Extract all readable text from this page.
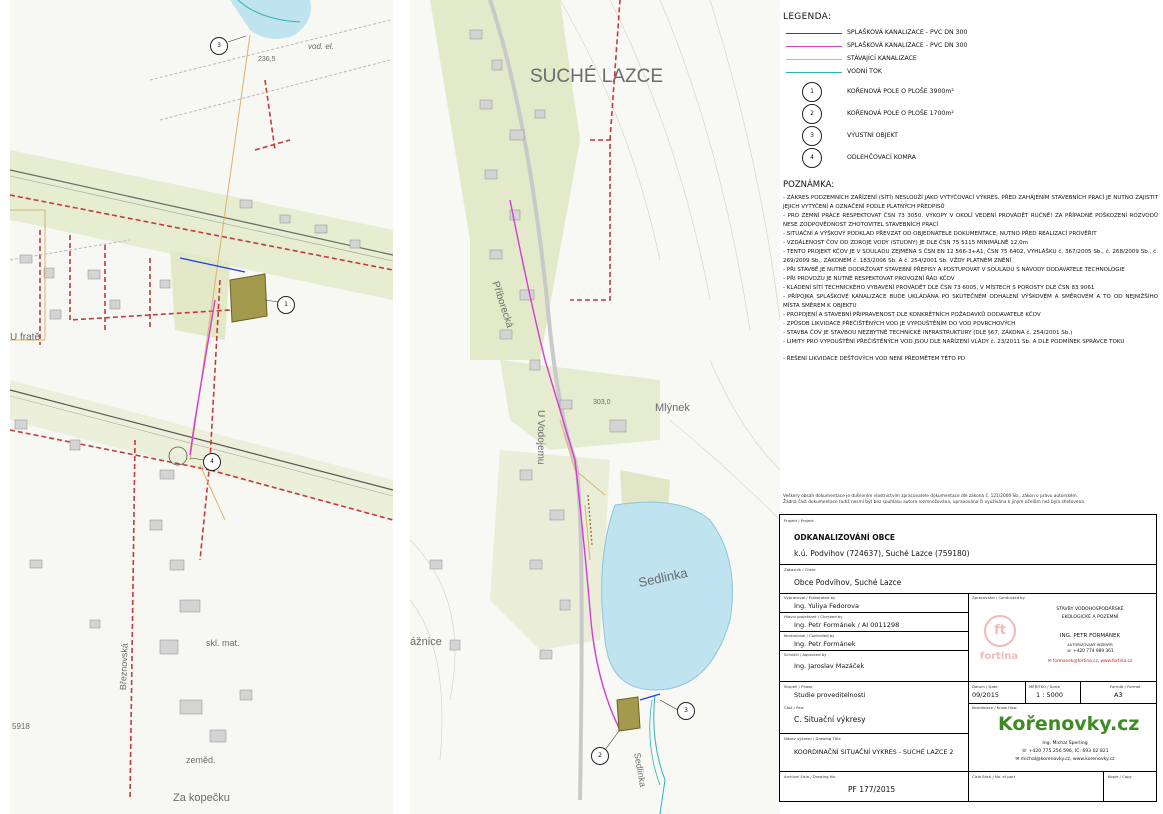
vod. el.
236,5
U fratě
skl. mat.
zeměd.
Za kopečku
Březnovská
5918
3
1
4
SUCHÉ LAZCE
Příborecká
U Vodojemu
303,0	Mlýnek
Sedlinka
ážnice
Sedlinka
3
2
LEGENDA:
SPLAŠKOVÁ KANALIZACE - PVC DN 300
SPLAŠKOVÁ KANALIZACE - PVC DN 300
STÁVAJÍCÍ KANALIZACE
VODNÍ TOK
1	KOŘENOVÁ POLE O PLOŠE 3900m²
2	KOŘENOVÁ POLE O PLOŠE 1700m²
3	VÝUSTNÍ OBJEKT
4	ODLEHČOVACÍ KOMRA
POZNÁMKA:
- ZÁKRES PODZEMNÍCH ZAŘÍZENÍ (SÍTÍ) NESLOUŽÍ JAKO VYTYČOVACÍ VÝKRES. PŘED ZAHÁJENÍM STAVEBNÍCH PRACÍ JE NUTNO ZAJISTIT JEJICH VYTYČENÍ A OZNAČENÍ PODLE PLATNÝCH PŘEDPISŮ
- PRO ZEMNÍ PRÁCE RESPEKTOVAT ČSN 73 3050. VÝKOPY V OKOLÍ VEDENÍ PROVÁDĚT RUČNĚ! ZA PŘÍPADNÉ POŠKOZENÍ ROZVODŮ NESE ZODPOVĚDNOST ZHOTOVITEL STAVEBNÍCH PRACÍ
- SITUAČNÍ A VÝŠKOVÝ PODKLAD PŘEVZAT OD OBJEDNATELE DOKUMENTACE, NUTNO PŘED REALIZACÍ PROVĚŘIT
- VZDÁLENOST ČOV OD ZDROJE VODY (STUDNY) JE DLE ČSN 75 5115 MINIMÁLNĚ 12,0m
- TENTO PROJEKT KČOV JE V SOULADU ZEJMÉNA S ČSN EN 12 566-3+A1, ČSN 75 6402, VYHLÁŠKU č. 367/2005 Sb., č. 268/2009 Sb., č. 269/2009 Sb., ZÁKONEM č. 183/2006 Sb. A č. 254/2001 Sb. VŽDY PLATNÉM ZNĚNÍ
- PŘI STAVBĚ JE NUTNÉ DODRŽOVAT STAVEBNÍ PŘEPISY A POSTUPOVAT V SOULADU S NÁVODY DODAVATELE TECHNOLOGIE
- PŘI PROVOZU JE NUTNÉ RESPEKTOVAT PROVOZNÍ ŘÁD KČOV
- KLADENÍ SÍTÍ TECHNICKÉHO VYBAVENÍ PROVÁDĚT DLE ČSN 73 6005, V MÍSTECH S POROSTY DLE ČSN 83 9061
- PŘÍPOJKA SPLAŠKOVÉ KANALIZACE BUDE UKLÁDÁNA PO SKUTEČNÉM ODHALENÍ VÝŠKOVÉM A SMĚROVÉM A TO OD NEJNIŽŠÍHO MÍSTA SMĚREM K OBJEKTU
- PROPOJENÍ A STAVEBNÍ PŘIPRAVENOST DLE KONKRÉTNÍCH POŽADAVKŮ DODAVATELE KČOV
- ZPŮSOB LIKVIDACE PŘEČIŠTĚNÝCH VOD JE VYPOUŠTĚNÍM DO VOD POVRCHOVÝCH
- STAVBA ČOV JE STAVBOU NEZBYTNÉ TECHNICKÉ INFRASTRUKTURY (DLE §67, ZÁKONA č. 254/2001 Sb.)
- LIMITY PRO VYPOUŠTĚNÍ PŘEČIŠTĚNÝCH VOD JSOU DLE NAŘÍZENÍ VLÁDY č. 23/2011 Sb. A DLE PODMÍNEK SPRÁVCE TOKU
- ŘEŠENÍ LIKVIDACE DEŠŤOVÝCH VOD NENÍ PŘEDMĚTEM TÉTO PD
Veškerý obsah dokumentace je duševním vlastnictvím zpracovatele dokumentace dle zákona č. 121/2000 Sb., zákon o právu autorském.
Žádná část dokumentace tudíž nesmí být bez souhlasu autora rozmnožována, upravována či využívána k jiným účelům než byla zhotovena.
Projekt / Project
ODKANALIZOVÁNÍ OBCE
k.ú. Podvihov (724637), Suché Lazce (759180)
Zákazník / Client
Obce Podvihov, Suché Lazce
Vypracoval / Elaborated by
Ing. Yuliya Fedorova
Hlavní projektant / Checked by
Ing. Petr Formánek / AI 0011298
Kontroloval / Controlled by
Ing. Petr Formánek
Schválil / Approved by
Ing. Jaroslav Mazáček
Zpracovatel / Conducted by
ft
fortina
STAVBY VODOHOSPODÁŘSKÉ
EKOLOGICKÉ A POZEMNÍ
ING. PETR FORMÁNEK
AUTORIZOVANÝ INŽENÝR
☏ +420 774 989 361
✉ formanek@fortina.cz, www.fortina.cz
Stupeň / Phase
Studie proveditelnosti
Datum / Date
09/2015
MĚŘÍTKO / Scale
1 : 5000
Formát / Format
A3
Část / Part
C. Situační výkresy
Koordinace / Know How
Kořenovky.cz
Ing. Michal Šperling
☏ +420 775 256 596, IČ: 693 02 821
✉ michal@korenovky.cz, www.korenovky.cz
Název výkresu / Drawing Title
KOORDINAČNÍ SITUAČNÍ VÝKRES - SUCHÉ LAZCE 2
Archivní číslo / Drawing No.
PF 177/2015
Číslo části / No. of part	Kopie / Copy
